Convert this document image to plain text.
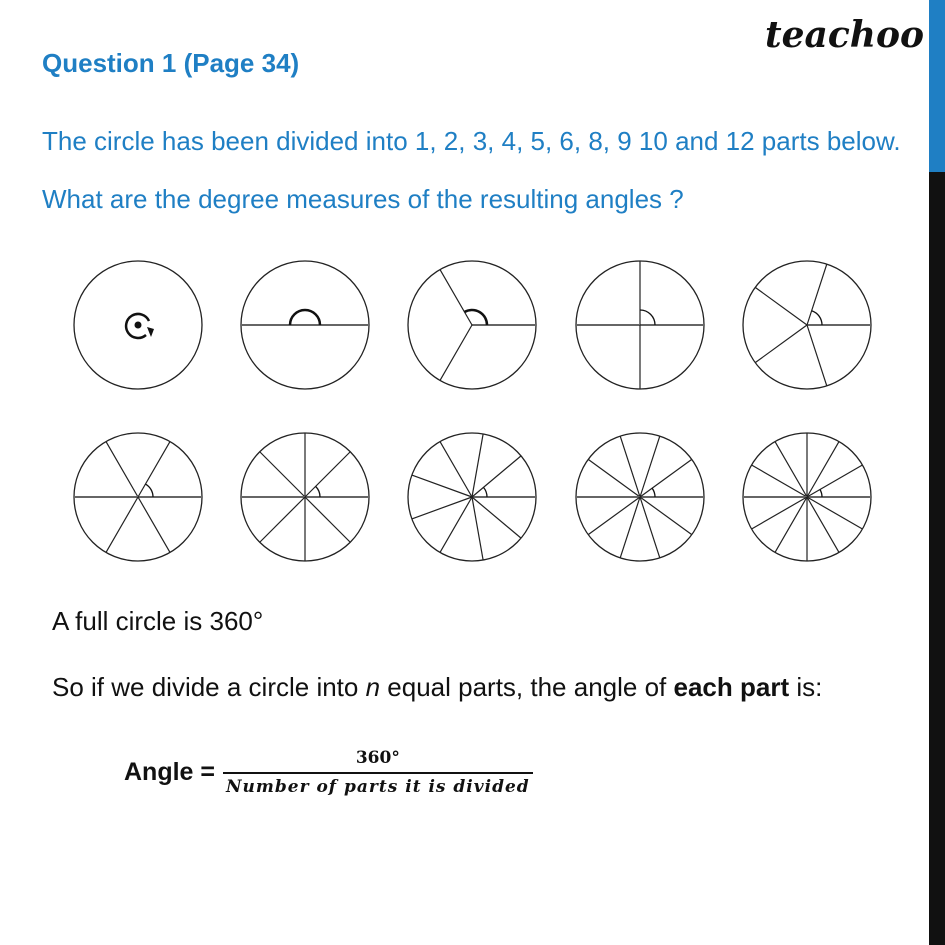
teachoo
Question 1 (Page 34)
The circle has been divided into 1, 2, 3, 4, 5, 6, 8, 9 10 and 12 parts below. What are the degree measures of the resulting angles ?
A full circle is 360°
So if we divide a circle into n equal parts, the angle of each part is:
Angle = $\frac{360^\circ}{\text{Number of parts it is divided}}$
